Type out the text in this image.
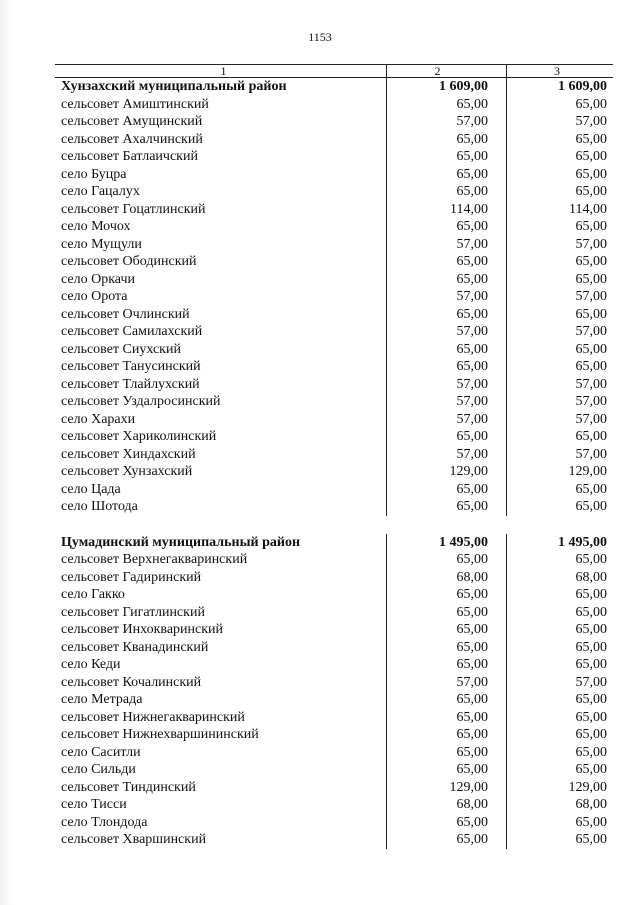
1153
1	2	3
Хунзахский муниципальный район	1 609,00	1 609,00
сельсовет Амиштинский	65,00	65,00
сельсовет Амущинский	57,00	57,00
сельсовет Ахалчинский	65,00	65,00
сельсовет Батлаичский	65,00	65,00
село Буцра	65,00	65,00
село Гацалух	65,00	65,00
сельсовет Гоцатлинский	114,00	114,00
село Мочох	65,00	65,00
село Мущули	57,00	57,00
сельсовет Ободинский	65,00	65,00
село Оркачи	65,00	65,00
село Орота	57,00	57,00
сельсовет Очлинский	65,00	65,00
сельсовет Самилахский	57,00	57,00
сельсовет Сиухский	65,00	65,00
сельсовет Танусинский	65,00	65,00
сельсовет Тлайлухский	57,00	57,00
сельсовет Уздалросинский	57,00	57,00
село Харахи	57,00	57,00
сельсовет Хариколинский	65,00	65,00
сельсовет Хиндахский	57,00	57,00
сельсовет Хунзахский	129,00	129,00
село Цада	65,00	65,00
село Шотода	65,00	65,00
Цумадинский муниципальный район	1 495,00	1 495,00
сельсовет Верхнегакваринский	65,00	65,00
сельсовет Гадиринский	68,00	68,00
село Гакко	65,00	65,00
сельсовет Гигатлинский	65,00	65,00
сельсовет Инхокваринский	65,00	65,00
сельсовет Кванадинский	65,00	65,00
село Кеди	65,00	65,00
сельсовет Кочалинский	57,00	57,00
село Метрада	65,00	65,00
сельсовет Нижнегакваринский	65,00	65,00
сельсовет Нижнехваршининский	65,00	65,00
село Саситли	65,00	65,00
село Сильди	65,00	65,00
сельсовет Тиндинский	129,00	129,00
село Тисси	68,00	68,00
село Тлондода	65,00	65,00
сельсовет Хваршинский	65,00	65,00
